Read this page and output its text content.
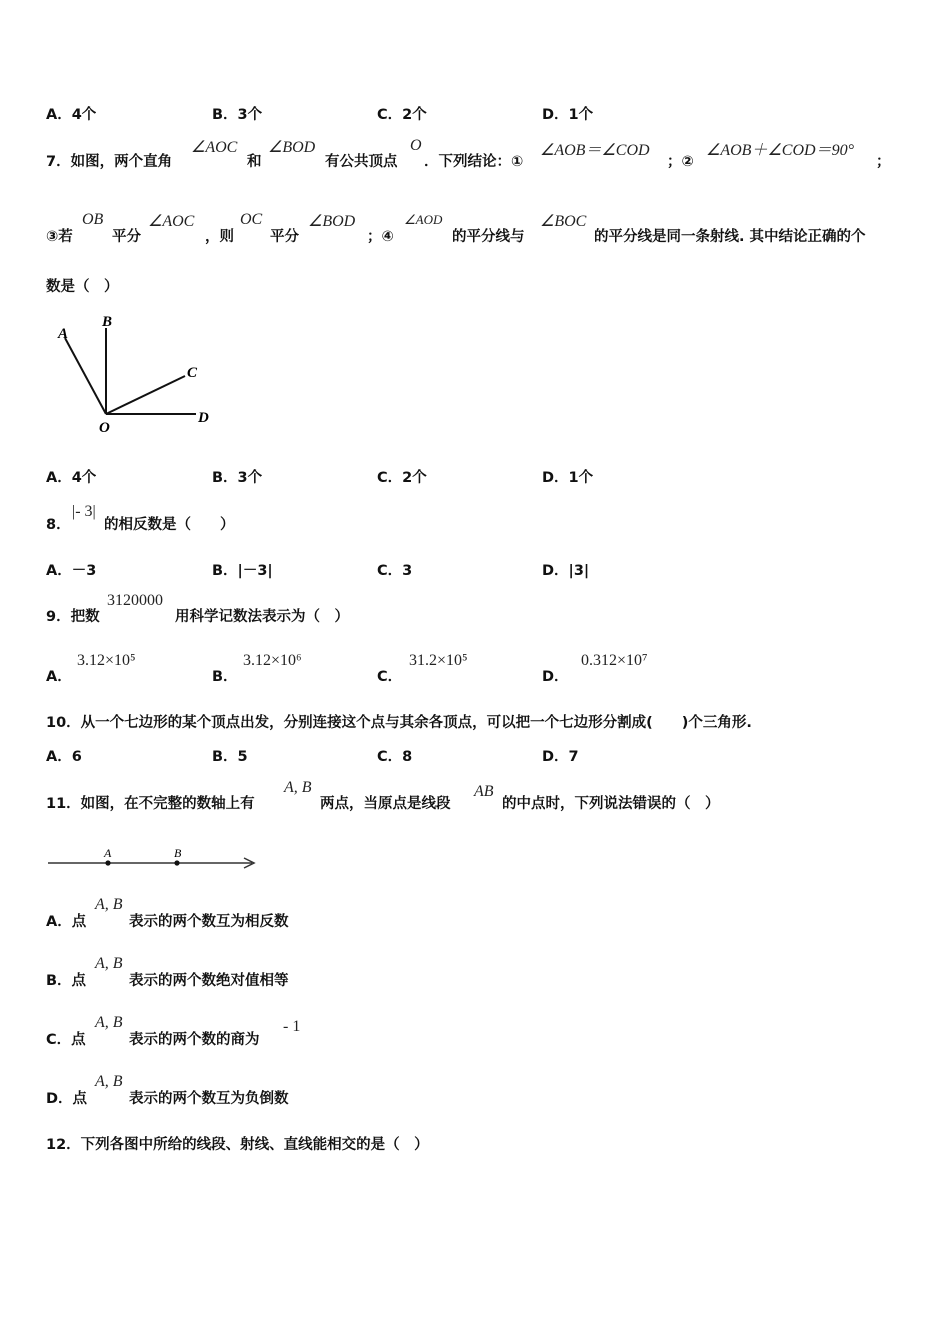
A．4个	B．3个	C．2个	D．1个
7．如图，两个直角
∠AOC
和
∠BOD
有公共顶点
O
．下列结论：①
∠AOB＝∠COD
；②
∠AOB＋∠COD＝90°
；
③若
OB
平分
∠AOC
，则
OC
平分
∠BOD
；④
∠AOD
的平分线与
∠BOC
的平分线是同一条射线. 其中结论正确的个
数是（　）
A
B
C
D
O
A．4个	B．3个	C．2个	D．1个
8．
|- 3|
的相反数是（　　）
A．－3	B．|－3|	C．3	D．|3|
9．把数
3120000
用科学记数法表示为（　）
A．
3.12×10⁵
B．
3.12×10⁶
C．
31.2×10⁵
D．
0.312×10⁷
10．从一个七边形的某个顶点出发，分别连接这个点与其余各顶点，可以把一个七边形分割成(　　)个三角形.
A．6	B．5	C．8	D．7
11．如图，在不完整的数轴上有
A, B
两点，当原点是线段
AB
的中点时，下列说法错误的（　）
A	B
A．点
A, B
表示的两个数互为相反数
B．点
A, B
表示的两个数绝对值相等
C．点
A, B
表示的两个数的商为
- 1
D．点
A, B
表示的两个数互为负倒数
12．下列各图中所给的线段、射线、直线能相交的是（　）
